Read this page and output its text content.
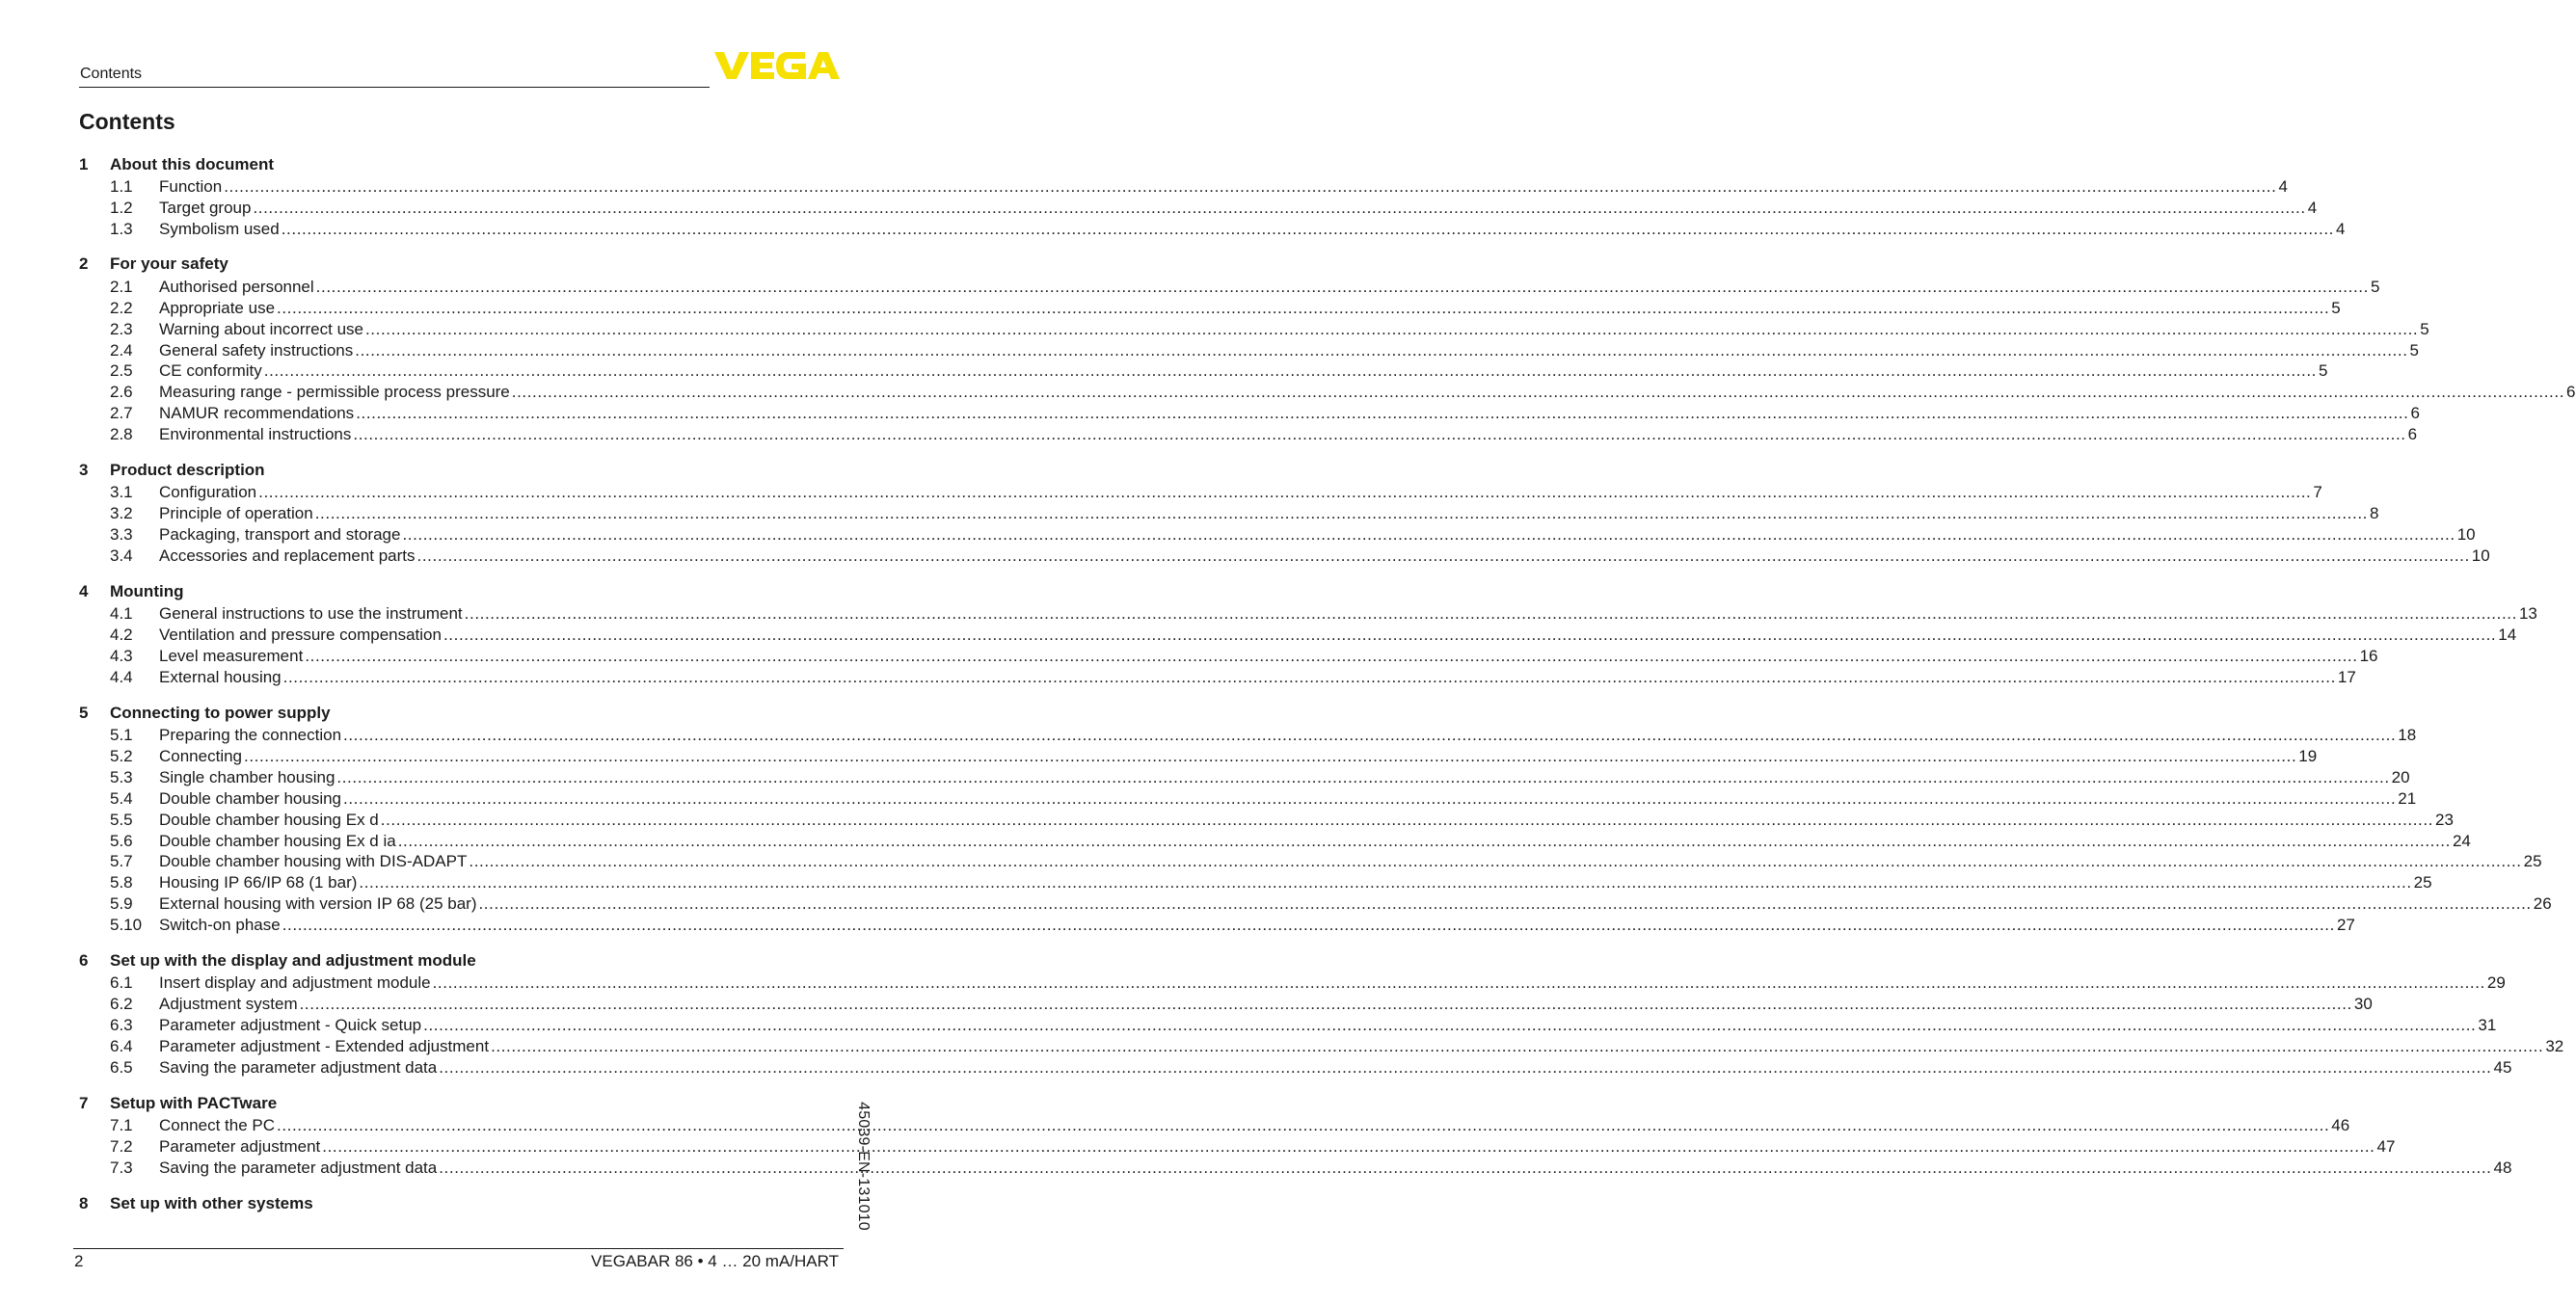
Contents
Contents
1	About this document
1.1	Function ................................................................................................................................................................................................................................................................................................................................................................................................................ 4
1.2	Target group ................................................................................................................................................................................................................................................................................................................................................................................................................ 4
1.3	Symbolism used ................................................................................................................................................................................................................................................................................................................................................................................................................ 4
2	For your safety
2.1	Authorised personnel ................................................................................................................................................................................................................................................................................................................................................................................................................ 5
2.2	Appropriate use ................................................................................................................................................................................................................................................................................................................................................................................................................ 5
2.3	Warning about incorrect use ................................................................................................................................................................................................................................................................................................................................................................................................................ 5
2.4	General safety instructions ................................................................................................................................................................................................................................................................................................................................................................................................................ 5
2.5	CE conformity ................................................................................................................................................................................................................................................................................................................................................................................................................ 5
2.6	Measuring range - permissible process pressure ................................................................................................................................................................................................................................................................................................................................................................................................................ 6
2.7	NAMUR recommendations ................................................................................................................................................................................................................................................................................................................................................................................................................ 6
2.8	Environmental instructions ................................................................................................................................................................................................................................................................................................................................................................................................................ 6
3	Product description
3.1	Configuration ................................................................................................................................................................................................................................................................................................................................................................................................................ 7
3.2	Principle of operation ................................................................................................................................................................................................................................................................................................................................................................................................................ 8
3.3	Packaging, transport and storage ................................................................................................................................................................................................................................................................................................................................................................................................................ 10
3.4	Accessories and replacement parts ................................................................................................................................................................................................................................................................................................................................................................................................................ 10
4	Mounting
4.1	General instructions to use the instrument ................................................................................................................................................................................................................................................................................................................................................................................................................ 13
4.2	Ventilation and pressure compensation ................................................................................................................................................................................................................................................................................................................................................................................................................ 14
4.3	Level measurement ................................................................................................................................................................................................................................................................................................................................................................................................................ 16
4.4	External housing ................................................................................................................................................................................................................................................................................................................................................................................................................ 17
5	Connecting to power supply
5.1	Preparing the connection ................................................................................................................................................................................................................................................................................................................................................................................................................ 18
5.2	Connecting ................................................................................................................................................................................................................................................................................................................................................................................................................ 19
5.3	Single chamber housing ................................................................................................................................................................................................................................................................................................................................................................................................................ 20
5.4	Double chamber housing ................................................................................................................................................................................................................................................................................................................................................................................................................ 21
5.5	Double chamber housing Ex d ................................................................................................................................................................................................................................................................................................................................................................................................................ 23
5.6	Double chamber housing Ex d ia ................................................................................................................................................................................................................................................................................................................................................................................................................ 24
5.7	Double chamber housing with DIS-ADAPT ................................................................................................................................................................................................................................................................................................................................................................................................................ 25
5.8	Housing IP 66/IP 68 (1 bar) ................................................................................................................................................................................................................................................................................................................................................................................................................ 25
5.9	External housing with version IP 68 (25 bar) ................................................................................................................................................................................................................................................................................................................................................................................................................ 26
5.10	Switch-on phase ................................................................................................................................................................................................................................................................................................................................................................................................................ 27
6	Set up with the display and adjustment module
6.1	Insert display and adjustment module ................................................................................................................................................................................................................................................................................................................................................................................................................ 29
6.2	Adjustment system ................................................................................................................................................................................................................................................................................................................................................................................................................ 30
6.3	Parameter adjustment - Quick setup ................................................................................................................................................................................................................................................................................................................................................................................................................ 31
6.4	Parameter adjustment - Extended adjustment ................................................................................................................................................................................................................................................................................................................................................................................................................ 32
6.5	Saving the parameter adjustment data ................................................................................................................................................................................................................................................................................................................................................................................................................ 45
7	Setup with PACTware
7.1	Connect the PC ................................................................................................................................................................................................................................................................................................................................................................................................................ 46
7.2	Parameter adjustment ................................................................................................................................................................................................................................................................................................................................................................................................................ 47
7.3	Saving the parameter adjustment data ................................................................................................................................................................................................................................................................................................................................................................................................................ 48
8	Set up with other systems	45039-EN-131010
2	VEGABAR 86 • 4 … 20 mA/HART
